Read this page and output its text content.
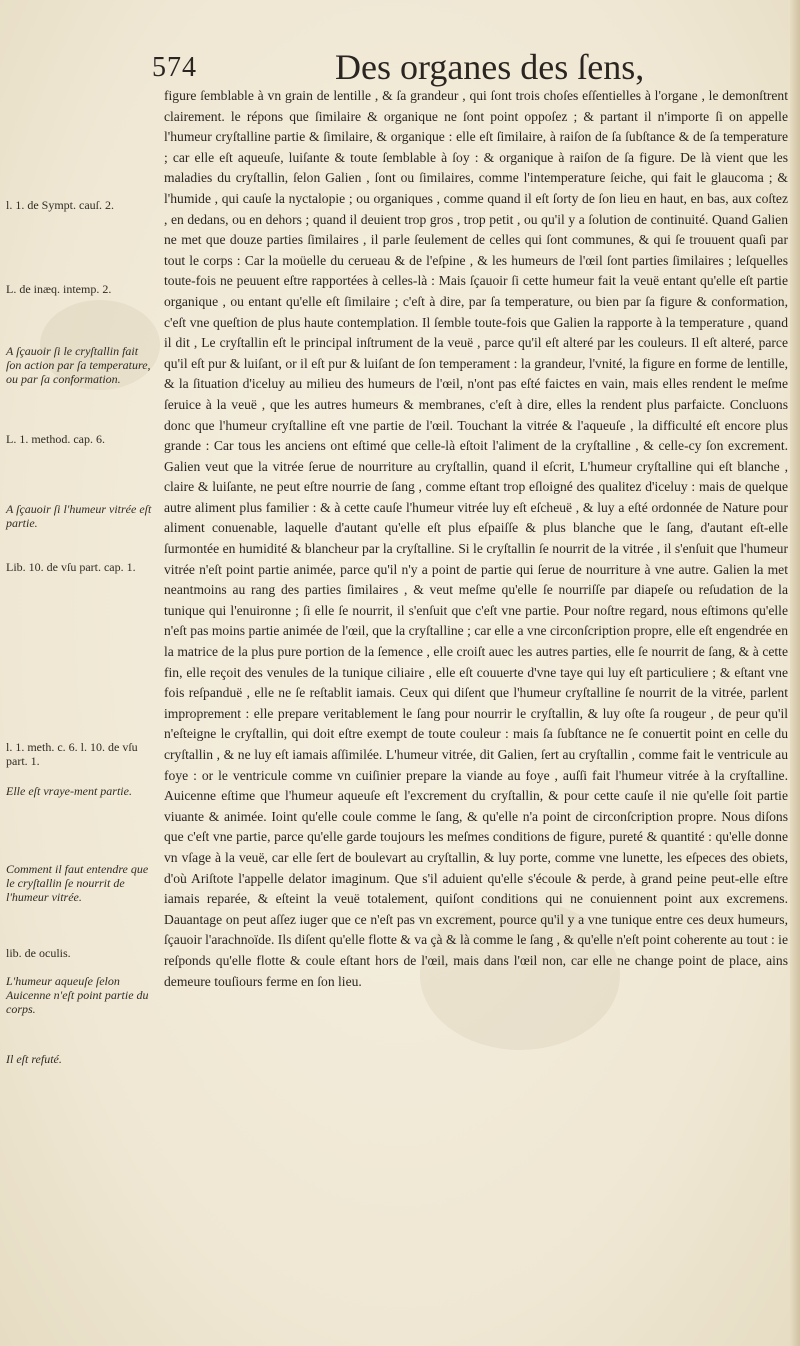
574	Des organes des ſens,
l. 1. de Sympt. cauſ. 2.
L. de inæq. intemp. 2.
A ſçauoir ſi le cryſtallin fait ſon action par ſa temperature, ou par ſa conformation.
L. 1. method. cap. 6.
A ſçauoir ſi l'humeur vitrée eſt partie.
Lib. 10. de vſu part. cap. 1.
l. 1. meth. c. 6. l. 10. de vſu part. 1.
Elle eſt vraye-ment partie.
Comment il faut entendre que le cryſtallin ſe nourrit de l'humeur vitrée.
lib. de oculis.
L'humeur aqueuſe ſelon Auicenne n'eſt point partie du corps.
Il eſt refuté.

figure ſemblable à vn grain de lentille , & ſa grandeur , qui ſont trois choſes eſſentielles à l'organe , le demonſtrent clairement. le répons que ſimilaire & organique ne ſont point oppoſez ; & partant il n'importe ſi on appelle l'humeur cryſtalline partie & ſimilaire, & organique : elle eſt ſimilaire, à raiſon de ſa ſubſtance & de ſa temperature ; car elle eſt aqueuſe, luiſante & toute ſemblable à ſoy : & organique à raiſon de ſa figure. De là vient que les maladies du cryſtallin, ſelon Galien , ſont ou ſimilaires, comme l'intemperature ſeiche, qui fait le glaucoma ; & l'humide , qui cauſe la nyctalopie ; ou organiques , comme quand il eſt ſorty de ſon lieu en haut, en bas, aux coſtez , en dedans, ou en dehors ; quand il deuient trop gros , trop petit , ou qu'il y a ſolution de continuité. Quand Galien ne met que douze parties ſimilaires , il parle ſeulement de celles qui ſont communes, & qui ſe trouuent quaſi par tout le corps : Car la moüelle du cerueau & de l'eſpine , & les humeurs de l'œil ſont parties ſimilaires ; leſquelles toute-fois ne peuuent eſtre rapportées à celles-là : Mais ſçauoir ſi cette humeur fait la veuë entant qu'elle eſt partie organique , ou entant qu'elle eſt ſimilaire ; c'eſt à dire, par ſa temperature, ou bien par ſa figure & conformation, c'eſt vne queſtion de plus haute contemplation. Il ſemble toute-fois que Galien la rapporte à la temperature , quand il dit , Le cryſtallin eſt le principal inſtrument de la veuë , parce qu'il eſt alteré par les couleurs. Il eſt alteré, parce qu'il eſt pur & luiſant, or il eſt pur & luiſant de ſon temperament : la grandeur, l'vnité, la figure en forme de lentille, & la ſituation d'iceluy au milieu des humeurs de l'œil, n'ont pas eſté faictes en vain, mais elles rendent le meſme ſeruice à la veuë , que les autres humeurs & membranes, c'eſt à dire, elles la rendent plus parfaicte. Concluons donc que l'humeur cryſtalline eſt vne partie de l'œil. Touchant la vitrée & l'aqueuſe , la difficulté eſt encore plus grande : Car tous les anciens ont eſtimé que celle-là eſtoit l'aliment de la cryſtalline , & celle-cy ſon excrement. Galien veut que la vitrée ſerue de nourriture au cryſtallin, quand il eſcrit, L'humeur cryſtalline qui eſt blanche , claire & luiſante, ne peut eſtre nourrie de ſang , comme eſtant trop eſloigné des qualitez d'iceluy : mais de quelque autre aliment plus familier : & à cette cauſe l'humeur vitrée luy eſt eſcheuë , & luy a eſté ordonnée de Nature pour aliment conuenable, laquelle d'autant qu'elle eſt plus eſpaiſſe & plus blanche que le ſang, d'autant eſt-elle ſurmontée en humidité & blancheur par la cryſtalline. Si le cryſtallin ſe nourrit de la vitrée , il s'enſuit que l'humeur vitrée n'eſt point partie animée, parce qu'il n'y a point de partie qui ſerue de nourriture à vne autre. Galien la met neantmoins au rang des parties ſimilaires , & veut meſme qu'elle ſe nourriſſe par diapeſe ou reſudation de la tunique qui l'enuironne ; ſi elle ſe nourrit, il s'enſuit que c'eſt vne partie. Pour noſtre regard, nous eſtimons qu'elle n'eſt pas moins partie animée de l'œil, que la cryſtalline ; car elle a vne circonſcription propre, elle eſt engendrée en la matrice de la plus pure portion de la ſemence , elle croiſt auec les autres parties, elle ſe nourrit de ſang, & à cette fin, elle reçoit des venules de la tunique ciliaire , elle eſt couuerte d'vne taye qui luy eſt particuliere ; & eſtant vne fois reſpanduë , elle ne ſe reſtablit iamais. Ceux qui diſent que l'humeur cryſtalline ſe nourrit de la vitrée, parlent improprement : elle prepare veritablement le ſang pour nourrir le cryſtallin, & luy oſte ſa rougeur , de peur qu'il n'eſteigne le cryſtallin, qui doit eſtre exempt de toute couleur : mais ſa ſubſtance ne ſe conuertit point en celle du cryſtallin , & ne luy eſt iamais aſſimilée. L'humeur vitrée, dit Galien, ſert au cryſtallin , comme fait le ventricule au foye : or le ventricule comme vn cuiſinier prepare la viande au foye , auſſi fait l'humeur vitrée à la cryſtalline. Auicenne eſtime que l'humeur aqueuſe eſt l'excrement du cryſtallin, & pour cette cauſe il nie qu'elle ſoit partie viuante & animée. Ioint qu'elle coule comme le ſang, & qu'elle n'a point de circonſcription propre. Nous diſons que c'eſt vne partie, parce qu'elle garde toujours les meſmes conditions de figure, pureté & quantité : qu'elle donne vn vſage à la veuë, car elle ſert de boulevart au cryſtallin, & luy porte, comme vne lunette, les eſpeces des obiets, d'où Ariſtote l'appelle delator imaginum. Que s'il aduient qu'elle s'écoule & perde, à grand peine peut-elle eſtre iamais reparée, & eſteint la veuë totalement, quiſont conditions qui ne conuiennent point aux excremens. Dauantage on peut aſſez iuger que ce n'eſt pas vn excrement, pource qu'il y a vne tunique entre ces deux humeurs, ſçauoir l'arachnoïde. Ils diſent qu'elle flotte & va çà & là comme le ſang , & qu'elle n'eſt point coherente au tout : ie reſponds qu'elle flotte & coule eſtant hors de l'œil, mais dans l'œil non, car elle ne change point de place, ains demeure touſiours ferme en ſon lieu.
